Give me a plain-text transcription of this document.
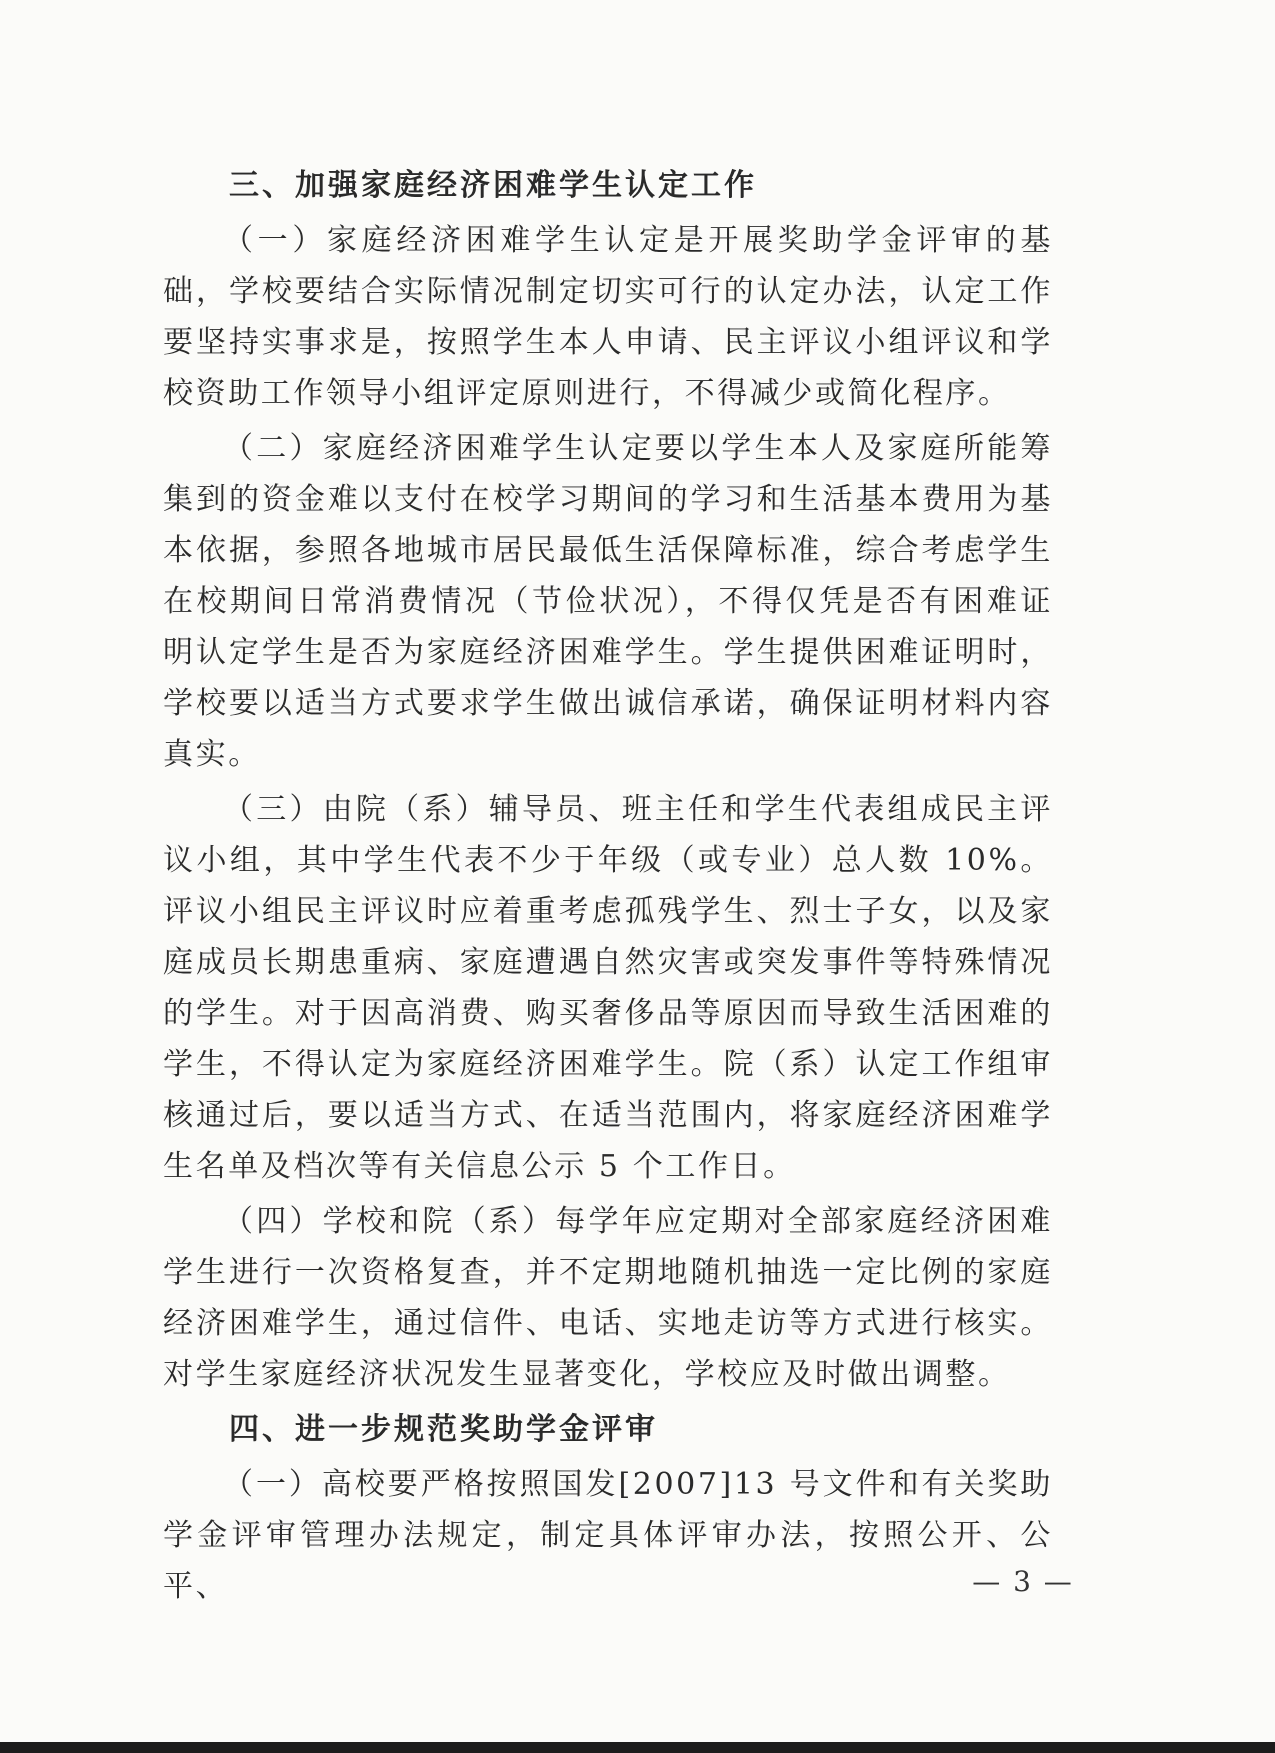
三、加强家庭经济困难学生认定工作

（一）家庭经济困难学生认定是开展奖助学金评审的基础，学校要结合实际情况制定切实可行的认定办法，认定工作要坚持实事求是，按照学生本人申请、民主评议小组评议和学校资助工作领导小组评定原则进行，不得减少或简化程序。

（二）家庭经济困难学生认定要以学生本人及家庭所能筹集到的资金难以支付在校学习期间的学习和生活基本费用为基本依据，参照各地城市居民最低生活保障标准，综合考虑学生在校期间日常消费情况（节俭状况），不得仅凭是否有困难证明认定学生是否为家庭经济困难学生。学生提供困难证明时，学校要以适当方式要求学生做出诚信承诺，确保证明材料内容真实。

（三）由院（系）辅导员、班主任和学生代表组成民主评议小组，其中学生代表不少于年级（或专业）总人数 10%。评议小组民主评议时应着重考虑孤残学生、烈士子女，以及家庭成员长期患重病、家庭遭遇自然灾害或突发事件等特殊情况的学生。对于因高消费、购买奢侈品等原因而导致生活困难的学生，不得认定为家庭经济困难学生。院（系）认定工作组审核通过后，要以适当方式、在适当范围内，将家庭经济困难学生名单及档次等有关信息公示 5 个工作日。

（四）学校和院（系）每学年应定期对全部家庭经济困难学生进行一次资格复查，并不定期地随机抽选一定比例的家庭经济困难学生，通过信件、电话、实地走访等方式进行核实。对学生家庭经济状况发生显著变化，学校应及时做出调整。

四、进一步规范奖助学金评审

（一）高校要严格按照国发[2007]13 号文件和有关奖助学金评审管理办法规定，制定具体评审办法，按照公开、公平、	— 3 —
